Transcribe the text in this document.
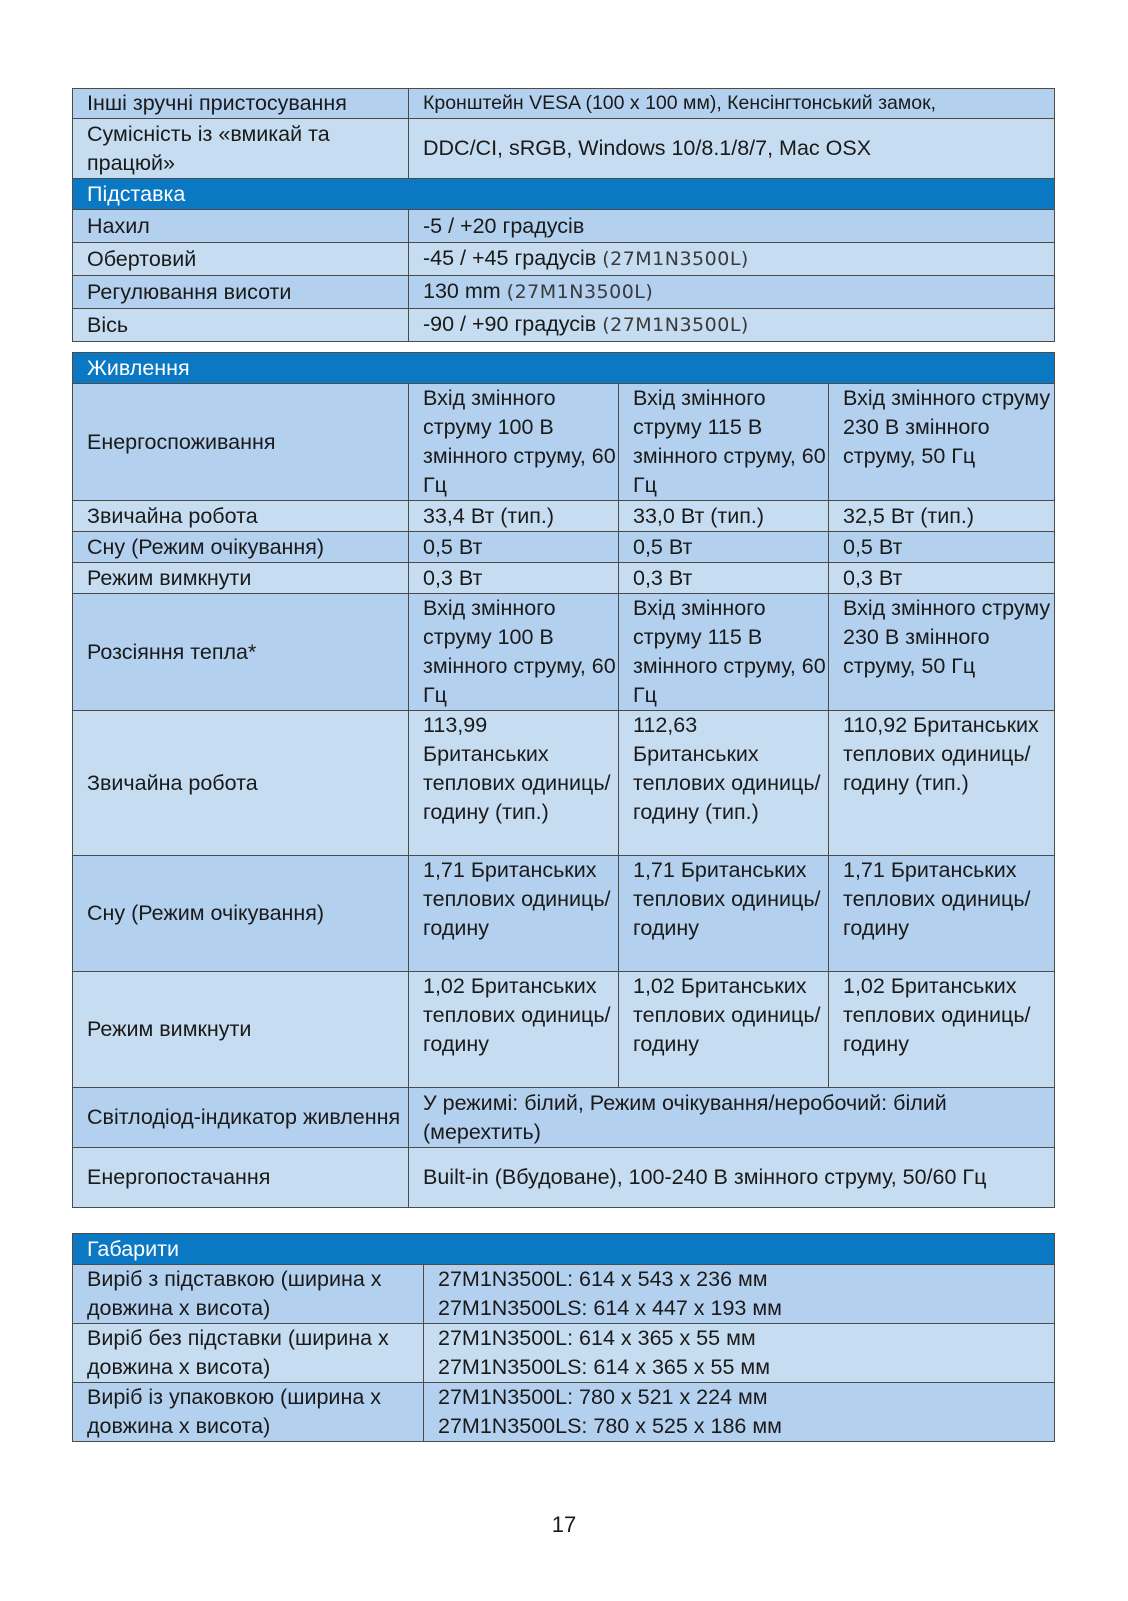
Інші зручні пристосування	Кронштейн VESA (100 x 100 мм), Кенсінгтонський замок,
Сумісність із «вмикай та працюй»	DDC/CI, sRGB, Windows 10/8.1/8/7, Mac OSX
Підставка	
Нахил	-5 / +20 градусів
Обертовий	-45 / +45 градусів (27M1N3500L)
Регулювання висоти	130 mm (27M1N3500L)
Вісь	-90 / +90 градусів (27M1N3500L)
Живлення			
Енергоспоживання	Вхід змінного струму 100 В змінного струму, 60 Гц	Вхід змінного струму 115 В змінного струму, 60 Гц	Вхід змінного струму 230 В змінного струму, 50 Гц
Звичайна робота	33,4 Вт (тип.)	33,0 Вт (тип.)	32,5 Вт (тип.)
Сну (Режим очікування)	0,5 Вт	0,5 Вт	0,5 Вт
Режим вимкнути	0,3 Вт	0,3 Вт	0,3 Вт
Розсіяння тепла*	Вхід змінного струму 100 В змінного струму, 60 Гц	Вхід змінного струму 115 В змінного струму, 60 Гц	Вхід змінного струму 230 В змінного струму, 50 Гц
Звичайна робота	113,99 Британських теплових одиниць/годину (тип.)	112,63 Британських теплових одиниць/годину (тип.)	110,92 Британських теплових одиниць/годину (тип.)
Сну (Режим очікування)	1,71 Британських теплових одиниць/годину	1,71 Британських теплових одиниць/годину	1,71 Британських теплових одиниць/годину
Режим вимкнути	1,02 Британських теплових одиниць/годину	1,02 Британських теплових одиниць/годину	1,02 Британських теплових одиниць/годину
Світлодіод-індикатор живлення	У режимі: білий, Режим очікування/неробочий: білий (мерехтить)		
Енергопостачання	Built-in (Вбудоване), 100-240 В змінного струму, 50/60 Гц		
Габарити	
Виріб з підставкою (ширина x довжина x висота)	27M1N3500L: 614 x 543 x 236 мм
27M1N3500LS: 614 x 447 x 193 мм

Виріб без підставки (ширина x довжина x висота)	27M1N3500L: 614 x 365 x 55 мм
27M1N3500LS: 614 x 365 x 55 мм

Виріб із упаковкою (ширина x довжина x висота)	27M1N3500L: 780 x 521 x 224 мм
27M1N3500LS: 780 x 525 x 186 мм
17
